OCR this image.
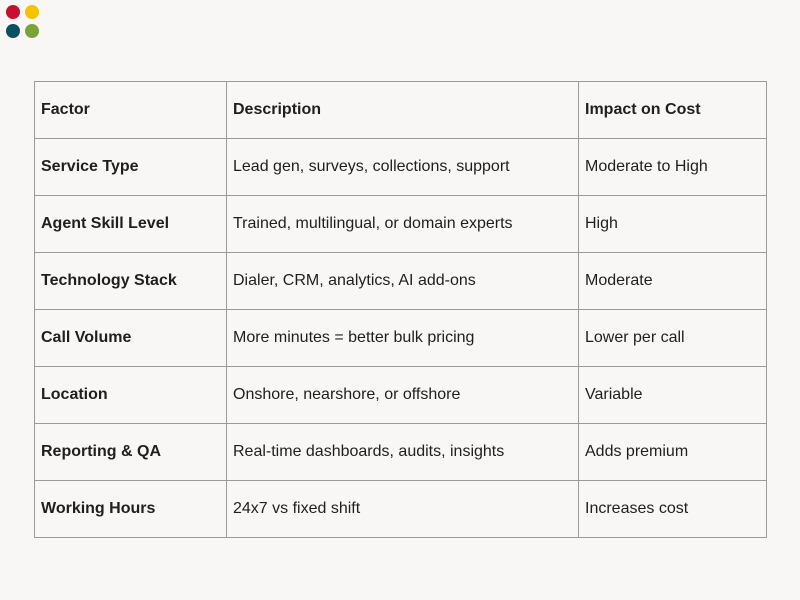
Factor	Description	Impact on Cost
Service Type	Lead gen, surveys, collections, support	Moderate to High
Agent Skill Level	Trained, multilingual, or domain experts	High
Technology Stack	Dialer, CRM, analytics, AI add-ons	Moderate
Call Volume	More minutes = better bulk pricing	Lower per call
Location	Onshore, nearshore, or offshore	Variable
Reporting & QA	Real-time dashboards, audits, insights	Adds premium
Working Hours	24x7 vs fixed shift	Increases cost
